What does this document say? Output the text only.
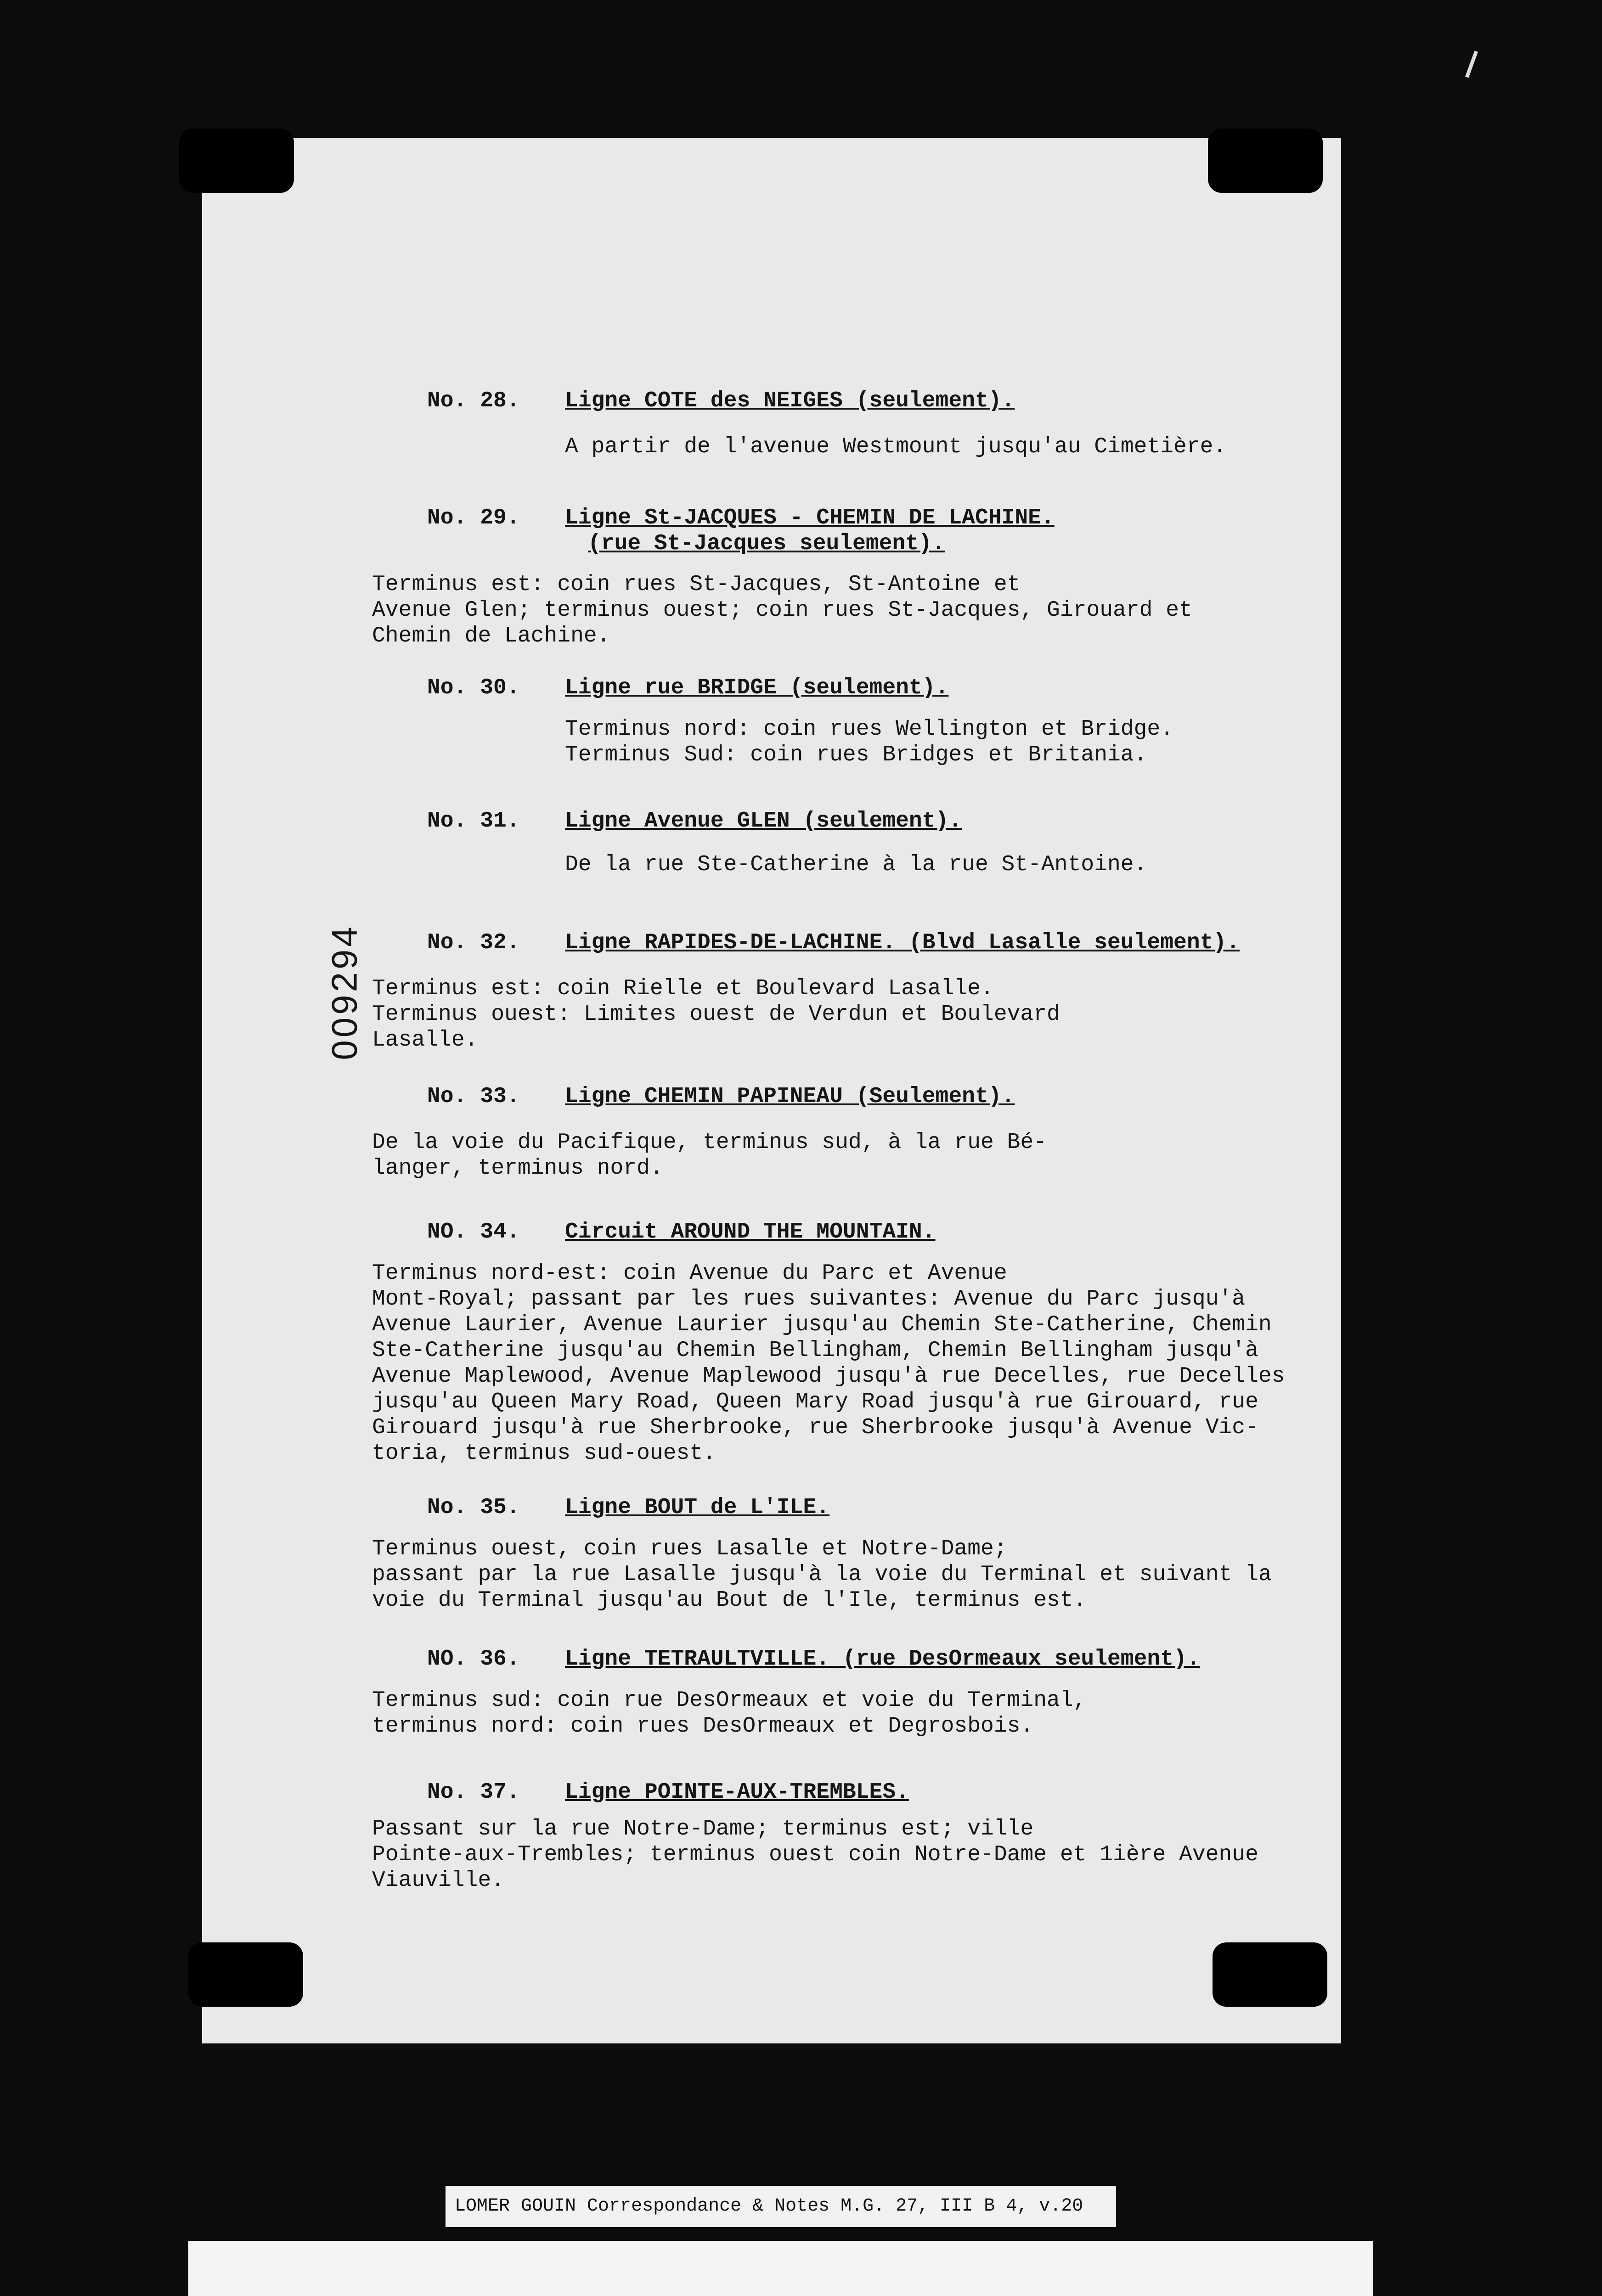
No. 28. Ligne COTE des NEIGES (seulement).
A partir de l'avenue Westmount jusqu'au Cimetière.
No. 29. Ligne St-JACQUES - CHEMIN DE LACHINE.
(rue St-Jacques seulement).
Terminus est: coin rues St-Jacques, St-Antoine et
Avenue Glen; terminus ouest; coin rues St-Jacques, Girouard et
Chemin de Lachine.
No. 30. Ligne rue BRIDGE (seulement).
Terminus nord: coin rues Wellington et Bridge.
Terminus Sud: coin rues Bridges et Britania.
No. 31. Ligne Avenue GLEN (seulement).
De la rue Ste-Catherine à la rue St-Antoine.
No. 32. Ligne RAPIDES-DE-LACHINE. (Blvd Lasalle seulement).
Terminus est: coin Rielle et Boulevard Lasalle.
Terminus ouest: Limites ouest de Verdun et Boulevard
Lasalle.
No. 33. Ligne CHEMIN PAPINEAU (Seulement).
De la voie du Pacifique, terminus sud, à la rue Bé-
langer, terminus nord.
NO. 34. Circuit AROUND THE MOUNTAIN.
Terminus nord-est: coin Avenue du Parc et Avenue
Mont-Royal; passant par les rues suivantes: Avenue du Parc jusqu'à
Avenue Laurier, Avenue Laurier jusqu'au Chemin Ste-Catherine, Chemin
Ste-Catherine jusqu'au Chemin Bellingham, Chemin Bellingham jusqu'à
Avenue Maplewood, Avenue Maplewood jusqu'à rue Decelles, rue Decelles
jusqu'au Queen Mary Road, Queen Mary Road jusqu'à rue Girouard, rue
Girouard jusqu'à rue Sherbrooke, rue Sherbrooke jusqu'à Avenue Vic-
toria, terminus sud-ouest.
No. 35. Ligne BOUT de L'ILE.
Terminus ouest, coin rues Lasalle et Notre-Dame;
passant par la rue Lasalle jusqu'à la voie du Terminal et suivant la
voie du Terminal jusqu'au Bout de l'Ile, terminus est.
NO. 36. Ligne TETRAULTVILLE. (rue DesOrmeaux seulement).
Terminus sud: coin rue DesOrmeaux et voie du Terminal,
terminus nord: coin rues DesOrmeaux et Degrosbois.
No. 37. Ligne POINTE-AUX-TREMBLES.
Passant sur la rue Notre-Dame; terminus est; ville
Pointe-aux-Trembles; terminus ouest coin Notre-Dame et 1ière Avenue
Viauville.
009294
LOMER GOUIN Correspondance & Notes M.G. 27, III B 4, v.20
